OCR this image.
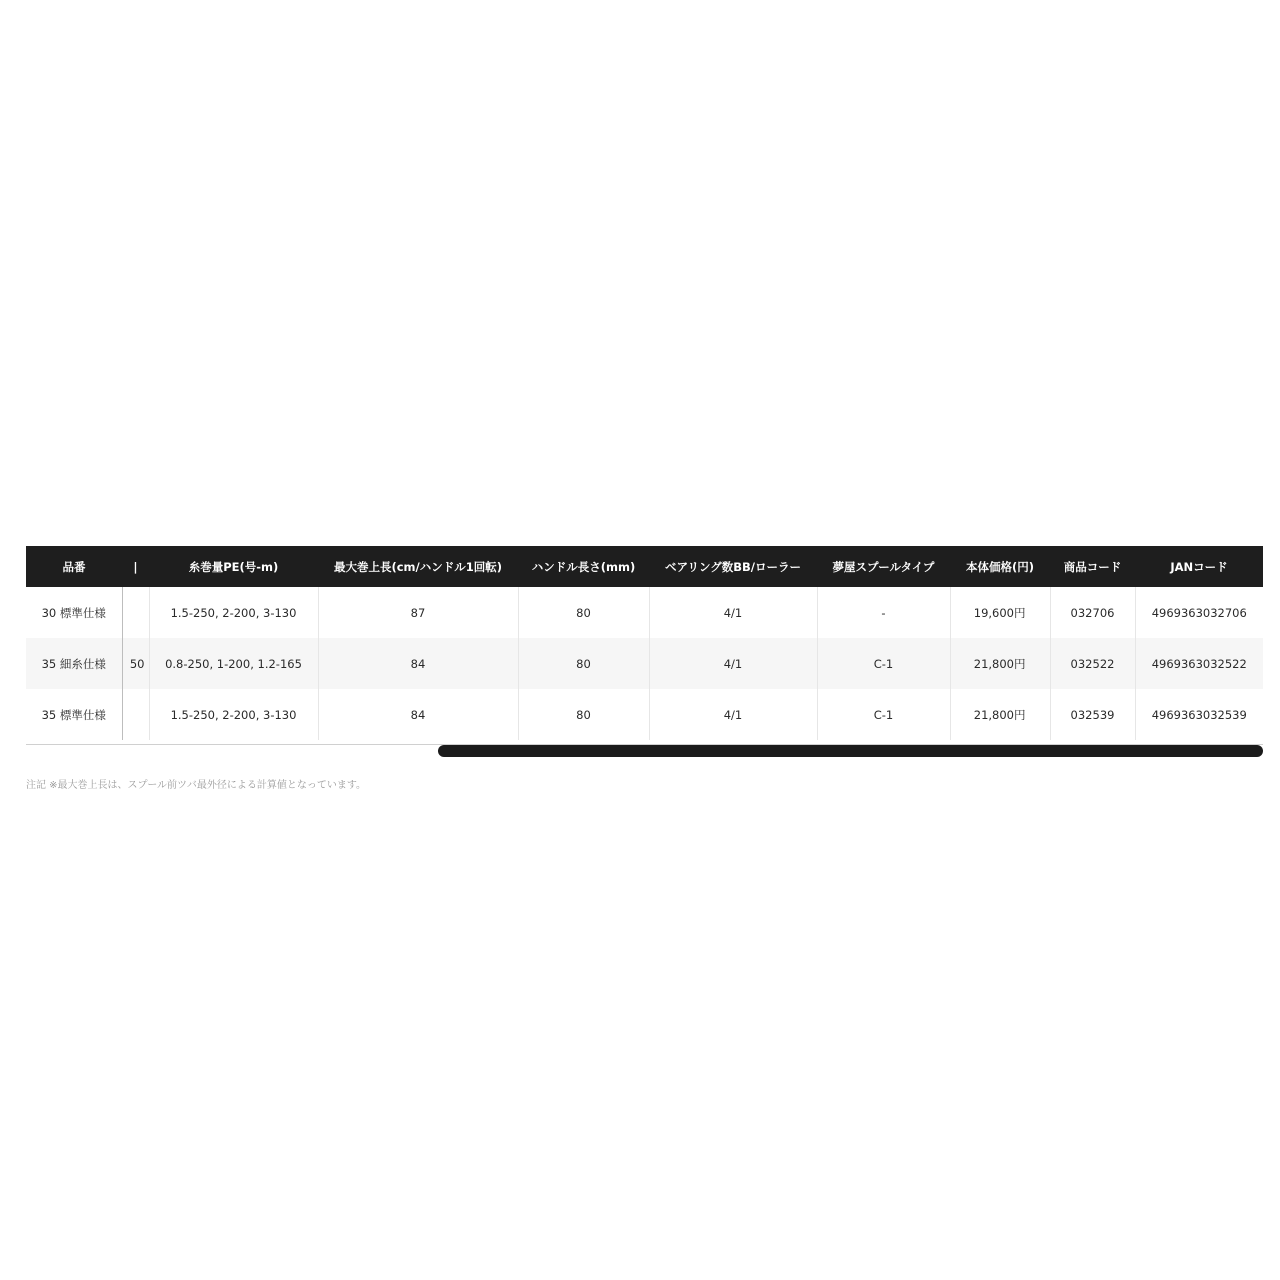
品番	|	糸巻量PE(号-m)	最大巻上長(cm/ハンドル1回転)	ハンドル長さ(mm)	ベアリング数BB/ローラー	夢屋スプールタイプ	本体価格(円)	商品コード	JANコード
30 標準仕様		1.5-250, 2-200, 3-130	87	80	4/1	-	19,600円	032706	4969363032706
35 細糸仕様	50	0.8-250, 1-200, 1.2-165	84	80	4/1	C-1	21,800円	032522	4969363032522
35 標準仕様		1.5-250, 2-200, 3-130	84	80	4/1	C-1	21,800円	032539	4969363032539
注記 ※最大巻上長は、スプール前ツバ最外径による計算値となっています。
